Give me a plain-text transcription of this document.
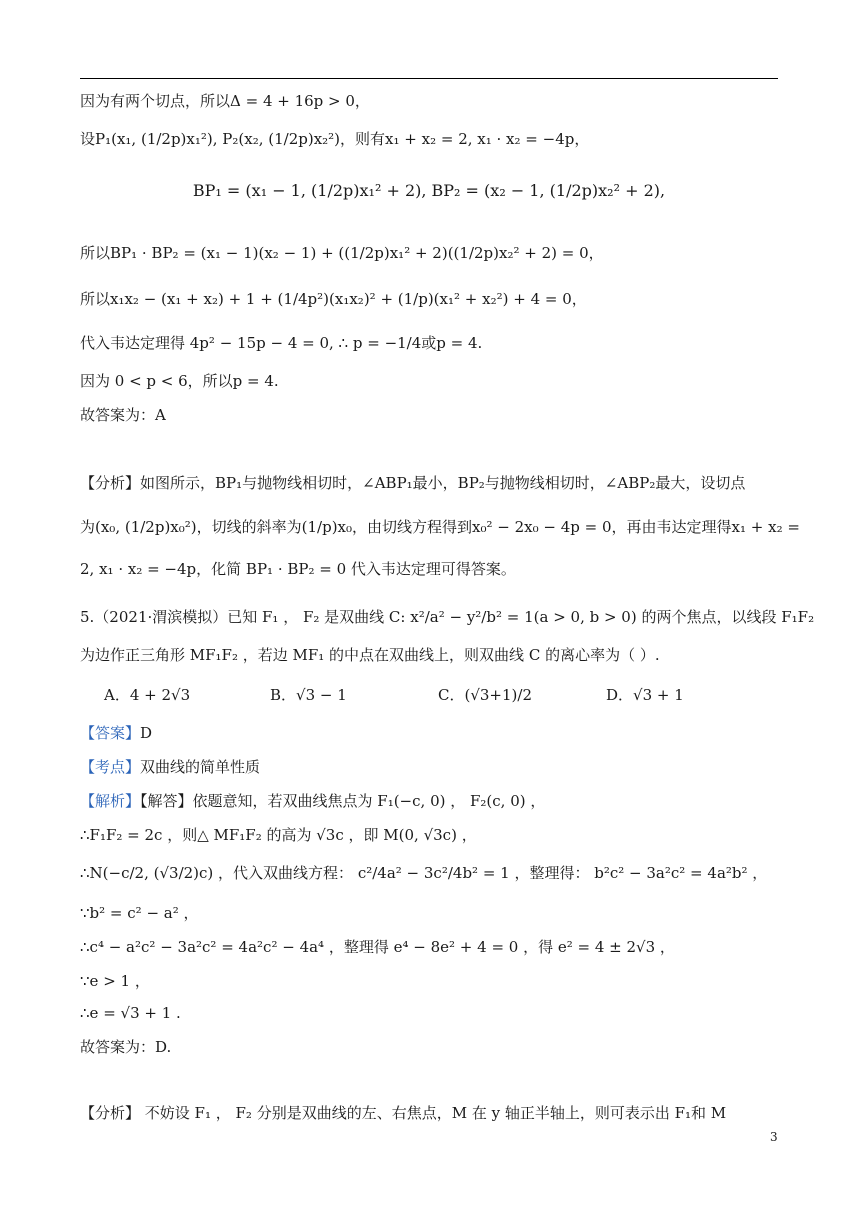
因为有两个切点，所以Δ = 4 + 16p > 0，
设P₁(x₁, (1/2p)x₁²), P₂(x₂, (1/2p)x₂²)，则有x₁ + x₂ = 2, x₁ · x₂ = −4p，
BP₁ = (x₁ − 1, (1/2p)x₁² + 2), BP₂ = (x₂ − 1, (1/2p)x₂² + 2),
所以BP₁ · BP₂ = (x₁ − 1)(x₂ − 1) + ((1/2p)x₁² + 2)((1/2p)x₂² + 2) = 0，
所以x₁x₂ − (x₁ + x₂) + 1 + (1/4p²)(x₁x₂)² + (1/p)(x₁² + x₂²) + 4 = 0，
代入韦达定理得 4p² − 15p − 4 = 0, ∴ p = −1/4或p = 4.
因为 0 < p < 6，所以p = 4.
故答案为：A
【分析】如图所示，BP₁与抛物线相切时，∠ABP₁最小，BP₂与抛物线相切时，∠ABP₂最大，设切点
为(x₀, (1/2p)x₀²)，切线的斜率为(1/p)x₀，由切线方程得到x₀² − 2x₀ − 4p = 0，再由韦达定理得x₁ + x₂ =
2, x₁ · x₂ = −4p，化简 BP₁ · BP₂ = 0 代入韦达定理可得答案。
5.（2021·渭滨模拟）已知 F₁ ， F₂ 是双曲线 C: x²/a² − y²/b² = 1(a > 0, b > 0) 的两个焦点，以线段 F₁F₂
为边作正三角形 MF₁F₂ ，若边 MF₁ 的中点在双曲线上，则双曲线 C 的离心率为（ ）.
A．4 + 2√3	B．√3 − 1	C．(√3+1)/2	D．√3 + 1
【答案】D
【考点】双曲线的简单性质
【解析】【解答】依题意知，若双曲线焦点为 F₁(−c, 0) ， F₂(c, 0) ，
∴F₁F₂ = 2c ，则△ MF₁F₂ 的高为 √3c ，即 M(0, √3c) ，
∴N(−c/2, (√3/2)c) ，代入双曲线方程： c²/4a² − 3c²/4b² = 1 ，整理得： b²c² − 3a²c² = 4a²b² ，
∵b² = c² − a² ，
∴c⁴ − a²c² − 3a²c² = 4a²c² − 4a⁴ ，整理得 e⁴ − 8e² + 4 = 0 ，得 e² = 4 ± 2√3 ，
∵e > 1 ，
∴e = √3 + 1 .
故答案为：D.
【分析】 不妨设 F₁ ， F₂ 分别是双曲线的左、右焦点，M 在 y 轴正半轴上，则可表示出 F₁和 M
3
